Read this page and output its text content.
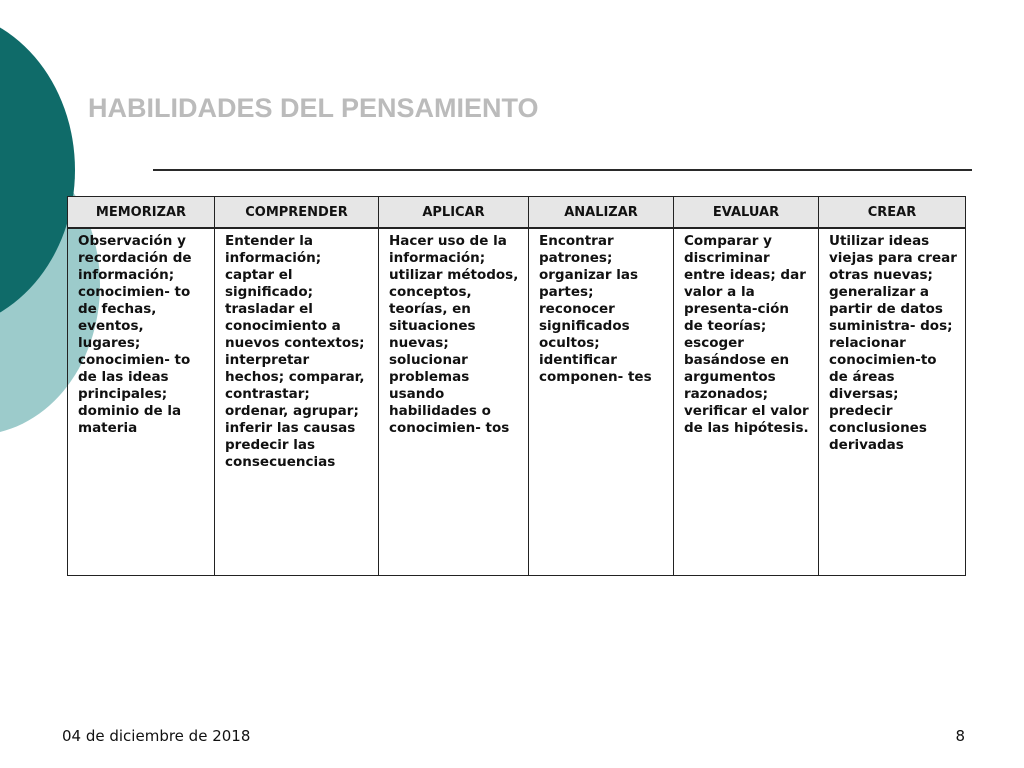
HABILIDADES DEL PENSAMIENTO
MEMORIZAR	COMPRENDER	APLICAR	ANALIZAR	EVALUAR	CREAR
Observación y recordación de información; conocimien- to de fechas, eventos, lugares; conocimien- to de las ideas principales; dominio de la materia	Entender la información; captar el significado; trasladar el conocimiento a nuevos contextos; interpretar hechos; comparar, contrastar; ordenar, agrupar; inferir las causas predecir las consecuencias	Hacer uso de la información; utilizar métodos, conceptos, teorías, en situaciones nuevas; solucionar problemas usando habilidades o conocimien- tos	Encontrar patrones; organizar las partes; reconocer significados ocultos; identificar componen- tes	Comparar y discriminar entre ideas; dar valor a la presenta-ción de teorías; escoger basándose en argumentos razonados; verificar el valor de las hipótesis.	Utilizar ideas viejas para crear otras nuevas; generalizar a partir de datos suministra- dos; relacionar conocimien-to de áreas diversas; predecir conclusiones derivadas
04 de diciembre de 2018	8
